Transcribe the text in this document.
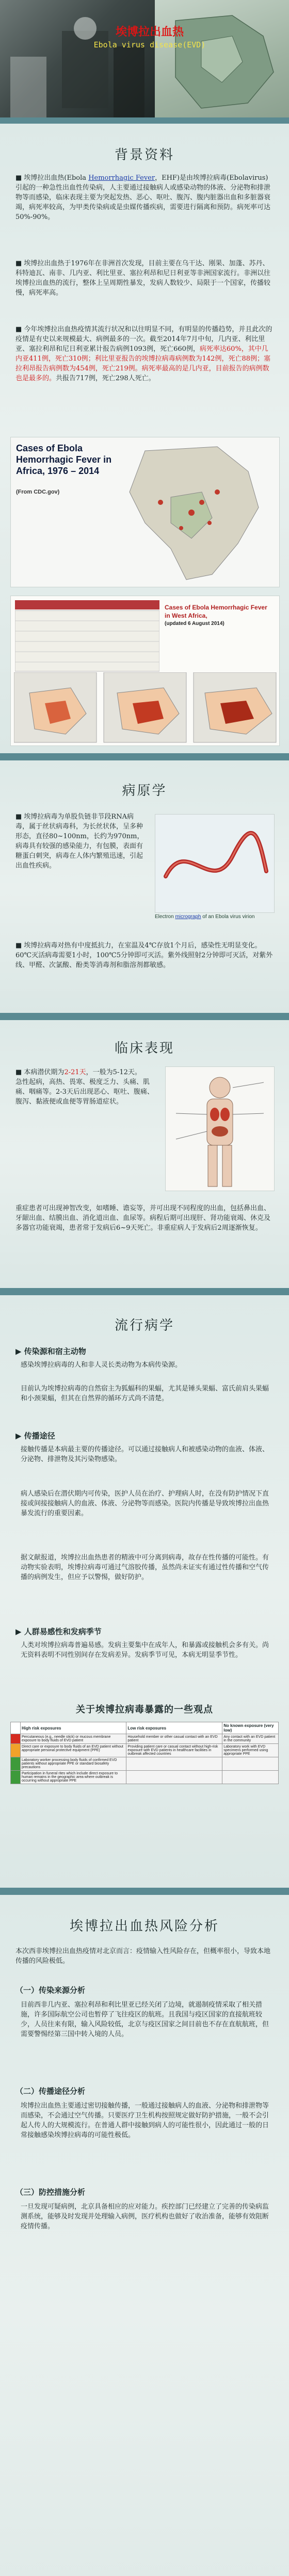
埃博拉出血热
Ebola virus disease(EVD)
背景资料
■ 埃博拉出血热(Ebola Hemorrhagic Fever，EHF)是由埃博拉病毒(Ebolavirus)引起的一种急性出血性传染病，人主要通过接触病人或感染动物的体液、分泌物和排泄物等而感染，临床表现主要为突起发热、恶心、呕吐、腹泻、腹内脏器出血和多脏器衰竭，病死率较高，为甲类传染病或是虫媒传播疾病，需要进行隔离和预防。病死率可达50%-90%。
■ 埃博拉出血热于1976年在非洲首次发现，目前主要在乌干达、刚果、加蓬、苏丹、科特迪瓦、南非、几内亚、利比里亚、塞拉利昂和尼日利亚等非洲国家流行。非洲以往埃博拉出血热的流行，整体上呈周期性暴发，发病人数较少、局限于一个国家，传播较慢，病死率高。
■ 今年埃博拉出血热疫情其流行状况和以往明显不同，有明显的传播趋势，并且此次的疫情是有史以来规模最大、病例最多的一次。截至2014年7月中旬，几内亚、利比里亚、塞拉利昂和尼日利亚累计报告病例1093例，死亡660例，病死率达60%，其中几内亚411例，死亡310例；利比里亚报告的埃博拉病毒病例数为142例，死亡88例；塞拉利昂报告病例数为454例，死亡219例。病死率最高的是几内亚，目前报告的病例数也是最多的。共报告717例，死亡298人死亡。
Cases of Ebola Hemorrhagic Fever in Africa, 1976 – 2014
(From CDC.gov)
Cases of Ebola Hemorrhagic Fever in West Africa,
(updated 6 August 2014)
病原学
■ 埃博拉病毒为单股负链非节段RNA病毒，属于丝状病毒科，为长丝状体，呈多种形态，直径80~100nm，长约为970nm，病毒具有较强的感染能力，有包膜，表面有糖蛋白刺突，病毒在人体内繁殖迅速，引起出血性疾病。
Electron micrograph of an Ebola virus virion
■ 埃博拉病毒对热有中度抵抗力，在室温及4℃存放1个月后，感染性无明显变化。60℃灭活病毒需要1小时，100℃5分钟即可灭活。紫外线照射2分钟即可灭活，对紫外线、甲醛、次氯酸、酚类等消毒剂和脂溶剂都敏感。
临床表现
■ 本病潜伏期为2-21天，一般为5-12天。
急性起病，高热、畏寒、极度乏力、头痛、肌痛、咽痛等。2-3天后出现恶心、呕吐、腹痛、腹泻、黏液便或血便等胃肠道症状。
重症患者可出现神智改变，如嗜睡、谵妄等，并可出现不同程度的出血，包括鼻出血、牙龈出血、结膜出血、消化道出血、血尿等。病程后期可出现肝、肾功能衰竭、休克及多器官功能衰竭，患者常于发病后6~9天死亡。非重症病人于发病后2周逐渐恢复。
流行病学
▶ 传染源和宿主动物
感染埃博拉病毒的人和非人灵长类动物为本病传染源。
目前认为埃博拉病毒的自然宿主为狐蝠科的果蝠，尤其是锤头果蝠、富氏前肩头果蝠和小颈果蝠，但其在自然界的循环方式尚不清楚。
▶ 传播途径
接触传播是本病最主要的传播途径。可以通过接触病人和被感染动物的血液、体液、分泌物、排泄物及其污染物感染。
病人感染后在潜伏期内可传染，医护人员在治疗、护理病人时，在没有防护情况下直接或间接接触病人的血液、体液、分泌物等而感染。医院内传播是导致埃博拉出血热暴发流行的重要因素。
据文献报道，埃博拉出血热患者的精液中可分离到病毒，故存在性传播的可能性。有动物实验表明，埃博拉病毒可通过气溶胶传播，虽然尚未证实有通过性传播和空气传播的病例发生，但应予以警惕，做好防护。
▶ 人群易感性和发病季节
人类对埃博拉病毒普遍易感。发病主要集中在成年人，和暴露或接触机会多有关。尚无资料表明不同性别间存在发病差异。发病季节可见，本病无明显季节性。
关于埃博拉病毒暴露的一些观点
	High risk exposures	Low risk exposures	No known exposure (very low)
	Percutaneous (e.g., needle stick) or mucous membrane exposure to body fluids of EVD patient	Household member or other casual contact with an EVD patient	Any contact with an EVD patient in the community
	Direct care or exposure to body fluids of an EVD patient without appropriate personal protective equipment (PPE)	Providing patient care or casual contact without high-risk exposure with EVD patients in healthcare facilities in outbreak affected countries	Laboratory work with EVD specimens performed using appropriate PPE
	Laboratory worker processing body fluids of confirmed EVD patients without appropriate PPE or standard biosafety precautions		
	Participation in funeral rites which include direct exposure to human remains in the geographic area where outbreak is occurring without appropriate PPE		
埃博拉出血热风险分析
本次西非埃博拉出血热疫情对北京而言：疫情输入性风险存在，但概率很小，导致本地传播的风险极低。
（一）传染来源分析
目前西非几内亚、塞拉利昂和利比里亚已经关闭了边境，就遏制疫情采取了相关措施，许多国际航空公司也暂停了飞往疫区的航班。且我国与疫区国家的直接航班较少，人员往来有限，输入风险较低，北京与疫区国家之间目前也不存在直航航班，但需要警惕经第三国中转入境的人员。
（二）传播途径分析
埃博拉出血热主要通过密切接触传播，一般通过接触病人的血液、分泌物和排泄物等而感染，不会通过空气传播。只要医疗卫生机构按照规定做好防护措施，一般不会引起人传人的大规模流行。在普通人群中接触到病人的可能性很小，因此通过一般的日常接触感染埃博拉病毒的可能性极低。
（三）防控措施分析
一旦发现可疑病例，北京具备相应的应对能力。疾控部门已经建立了完善的传染病监测系统，能够及时发现并处理输入病例，医疗机构也做好了收治准备，能够有效阻断疫情传播。
